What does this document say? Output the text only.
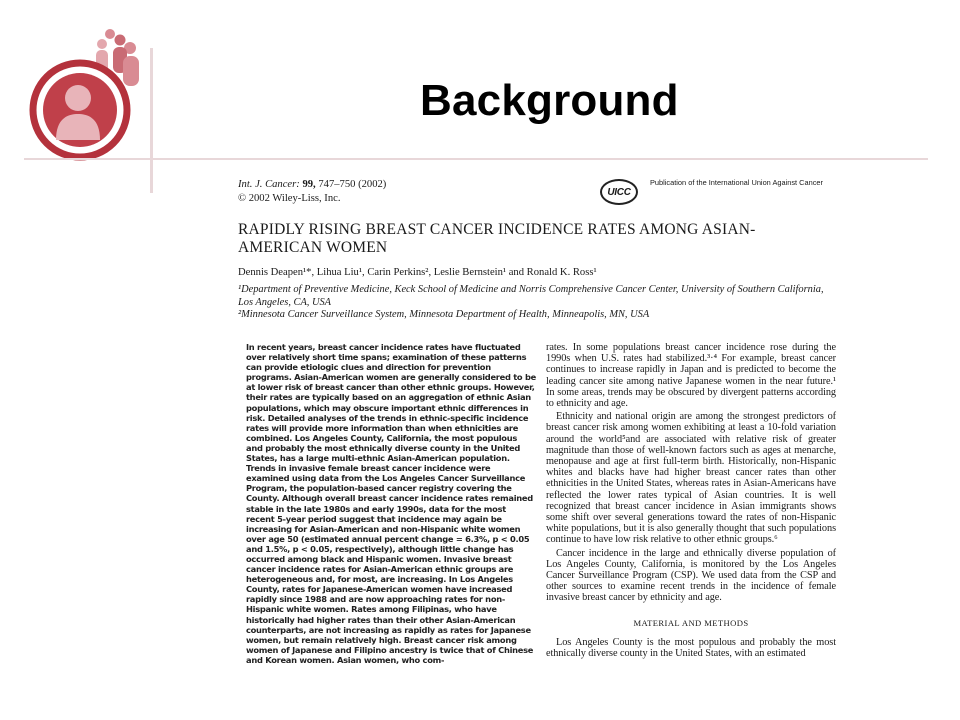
Background
Int. J. Cancer: 99, 747–750 (2002)
© 2002 Wiley-Liss, Inc.
UICC
Publication of the International Union Against Cancer
RAPIDLY RISING BREAST CANCER INCIDENCE RATES AMONG ASIAN-AMERICAN WOMEN
Dennis Deapen¹*, Lihua Liu¹, Carin Perkins², Leslie Bernstein¹ and Ronald K. Ross¹
¹Department of Preventive Medicine, Keck School of Medicine and Norris Comprehensive Cancer Center, University of Southern California, Los Angeles, CA, USA
²Minnesota Cancer Surveillance System, Minnesota Department of Health, Minneapolis, MN, USA

In recent years, breast cancer incidence rates have fluctuated over relatively short time spans; examination of these patterns can provide etiologic clues and direction for prevention programs. Asian-American women are generally considered to be at lower risk of breast cancer than other ethnic groups. However, their rates are typically based on an aggregation of ethnic Asian populations, which may obscure important ethnic differences in risk. Detailed analyses of the trends in ethnic-specific incidence rates will provide more information than when ethnicities are combined. Los Angeles County, California, the most populous and probably the most ethnically diverse county in the United States, has a large multi-ethnic Asian-American population. Trends in invasive female breast cancer incidence were examined using data from the Los Angeles Cancer Surveillance Program, the population-based cancer registry covering the County. Although overall breast cancer incidence rates remained stable in the late 1980s and early 1990s, data for the most recent 5-year period suggest that incidence may again be increasing for Asian-American and non-Hispanic white women over age 50 (estimated annual percent change = 6.3%, p < 0.05 and 1.5%, p < 0.05, respectively), although little change has occurred among black and Hispanic women. Invasive breast cancer incidence rates for Asian-American ethnic groups are heterogeneous and, for most, are increasing. In Los Angeles County, rates for Japanese-American women have increased rapidly since 1988 and are now approaching rates for non-Hispanic white women. Rates among Filipinas, who have historically had higher rates than their other Asian-American counterparts, are not increasing as rapidly as rates for Japanese women, but remain relatively high. Breast cancer risk among women of Japanese and Filipino ancestry is twice that of Chinese and Korean women. Asian women, who com-

rates. In some populations breast cancer incidence rose during the 1990s when U.S. rates had stabilized.³·⁴ For example, breast cancer continues to increase rapidly in Japan and is predicted to become the leading cancer site among native Japanese women in the near future.¹ In some areas, trends may be obscured by divergent patterns according to ethnicity and age.

Ethnicity and national origin are among the strongest predictors of breast cancer risk among women exhibiting at least a 10-fold variation around the world⁵and are associated with relative risk of greater magnitude than those of well-known factors such as ages at menarche, menopause and age at first full-term birth. Historically, non-Hispanic whites and blacks have had higher breast cancer rates than other ethnicities in the United States, whereas rates in Asian-Americans have reflected the lower rates typical of Asian countries. It is well recognized that breast cancer incidence in Asian immigrants shows some shift over several generations toward the rates of non-Hispanic white populations, but it is also generally thought that such populations continue to have low risk relative to other ethnic groups.⁶

Cancer incidence in the large and ethnically diverse population of Los Angeles County, California, is monitored by the Los Angeles Cancer Surveillance Program (CSP). We used data from the CSP and other sources to examine recent trends in the incidence of female invasive breast cancer by ethnicity and age.

MATERIAL AND METHODS

Los Angeles County is the most populous and probably the most ethnically diverse county in the United States, with an estimated
